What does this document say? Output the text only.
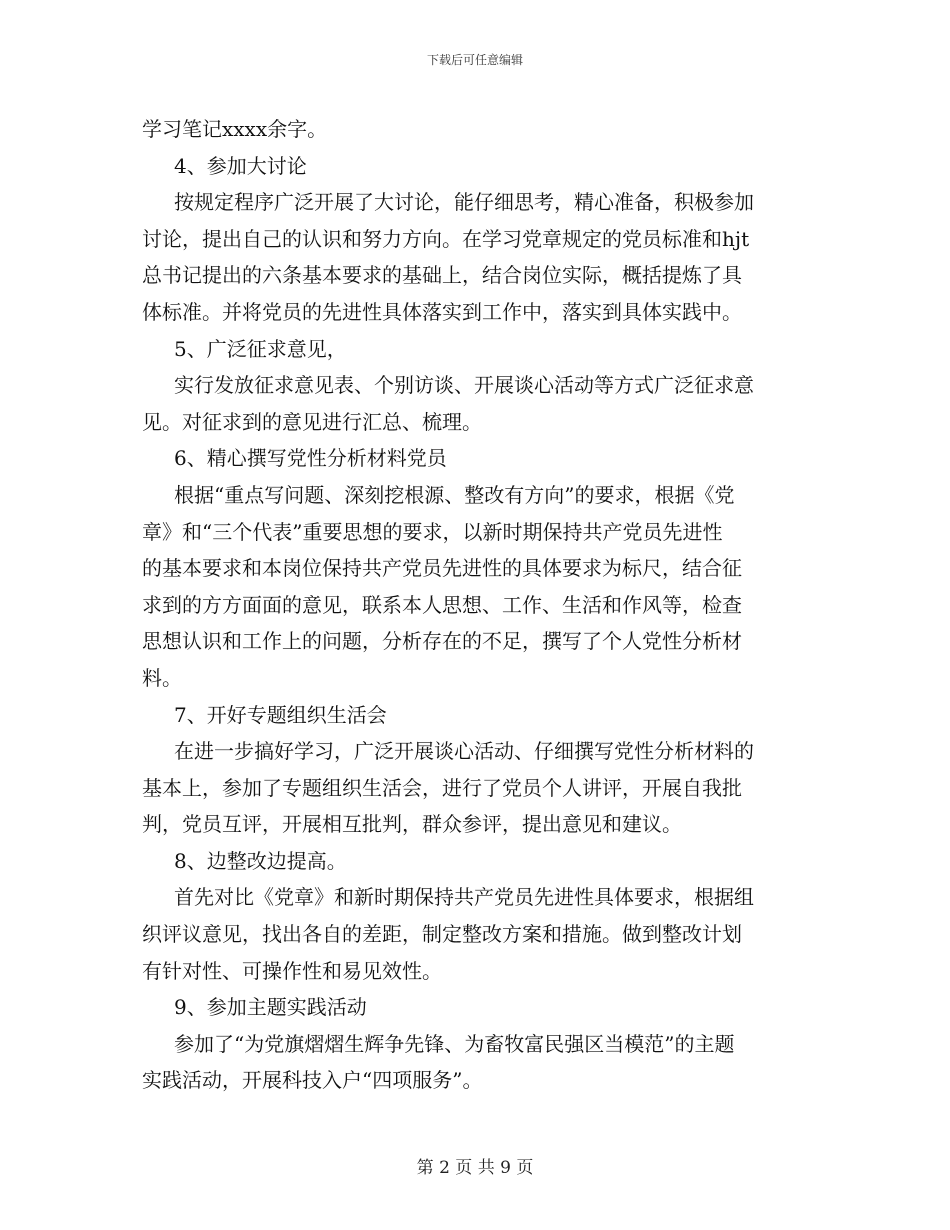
下载后可任意编辑
学习笔记xxxx余字。
4、参加大讨论
按规定程序广泛开展了大讨论，能仔细思考，精心准备，积极参加
讨论，提出自己的认识和努力方向。在学习党章规定的党员标准和hjt
总书记提出的六条基本要求的基础上，结合岗位实际，概括提炼了具
体标准。并将党员的先进性具体落实到工作中，落实到具体实践中。
5、广泛征求意见，
实行发放征求意见表、个别访谈、开展谈心活动等方式广泛征求意
见。对征求到的意见进行汇总、梳理。
6、精心撰写党性分析材料党员
根据“重点写问题、深刻挖根源、整改有方向”的要求，根据《党
章》和“三个代表”重要思想的要求，以新时期保持共产党员先进性
的基本要求和本岗位保持共产党员先进性的具体要求为标尺，结合征
求到的方方面面的意见，联系本人思想、工作、生活和作风等，检查
思想认识和工作上的问题，分析存在的不足，撰写了个人党性分析材
料。
7、开好专题组织生活会
在进一步搞好学习，广泛开展谈心活动、仔细撰写党性分析材料的
基本上，参加了专题组织生活会，进行了党员个人讲评，开展自我批
判，党员互评，开展相互批判，群众参评，提出意见和建议。
8、边整改边提高。
首先对比《党章》和新时期保持共产党员先进性具体要求，根据组
织评议意见，找出各自的差距，制定整改方案和措施。做到整改计划
有针对性、可操作性和易见效性。
9、参加主题实践活动
参加了“为党旗熠熠生辉争先锋、为畜牧富民强区当模范”的主题
实践活动，开展科技入户“四项服务”。
第 2 页 共 9 页
